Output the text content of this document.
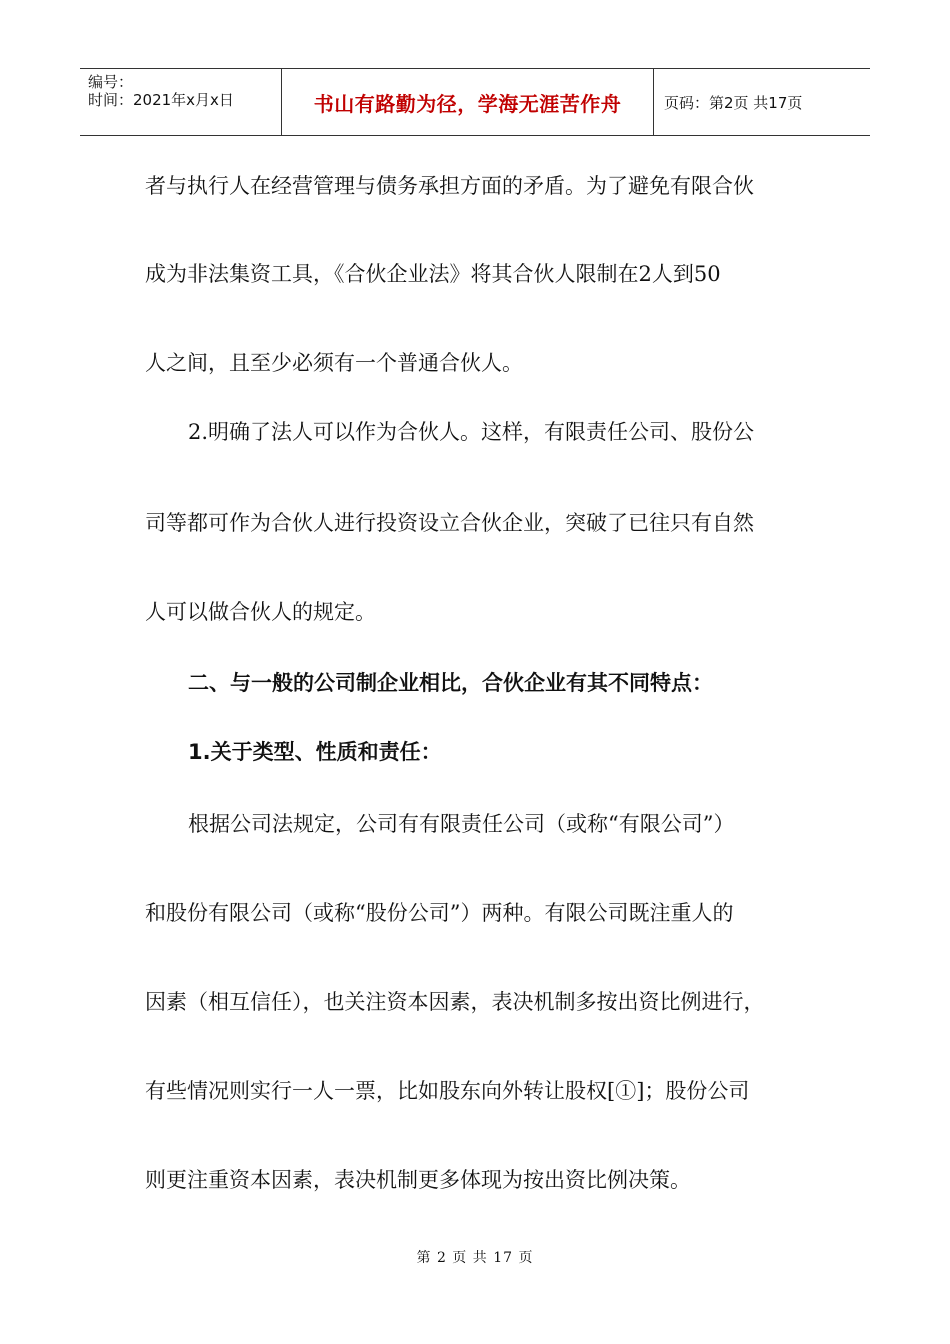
编号：
时间：2021年x月x日	书山有路勤为径，学海无涯苦作舟	页码：第2页 共17页
者与执行人在经营管理与债务承担方面的矛盾。为了避免有限合伙
成为非法集资工具，《合伙企业法》将其合伙人限制在2人到50
人之间，且至少必须有一个普通合伙人。
2.明确了法人可以作为合伙人。这样，有限责任公司、股份公
司等都可作为合伙人进行投资设立合伙企业，突破了已往只有自然
人可以做合伙人的规定。
二、与一般的公司制企业相比，合伙企业有其不同特点：
1.关于类型、性质和责任：
根据公司法规定，公司有有限责任公司（或称“有限公司”）
和股份有限公司（或称“股份公司”）两种。有限公司既注重人的
因素（相互信任），也关注资本因素，表决机制多按出资比例进行，
有些情况则实行一人一票，比如股东向外转让股权[①]；股份公司
则更注重资本因素，表决机制更多体现为按出资比例决策。
第 2 页 共 17 页
